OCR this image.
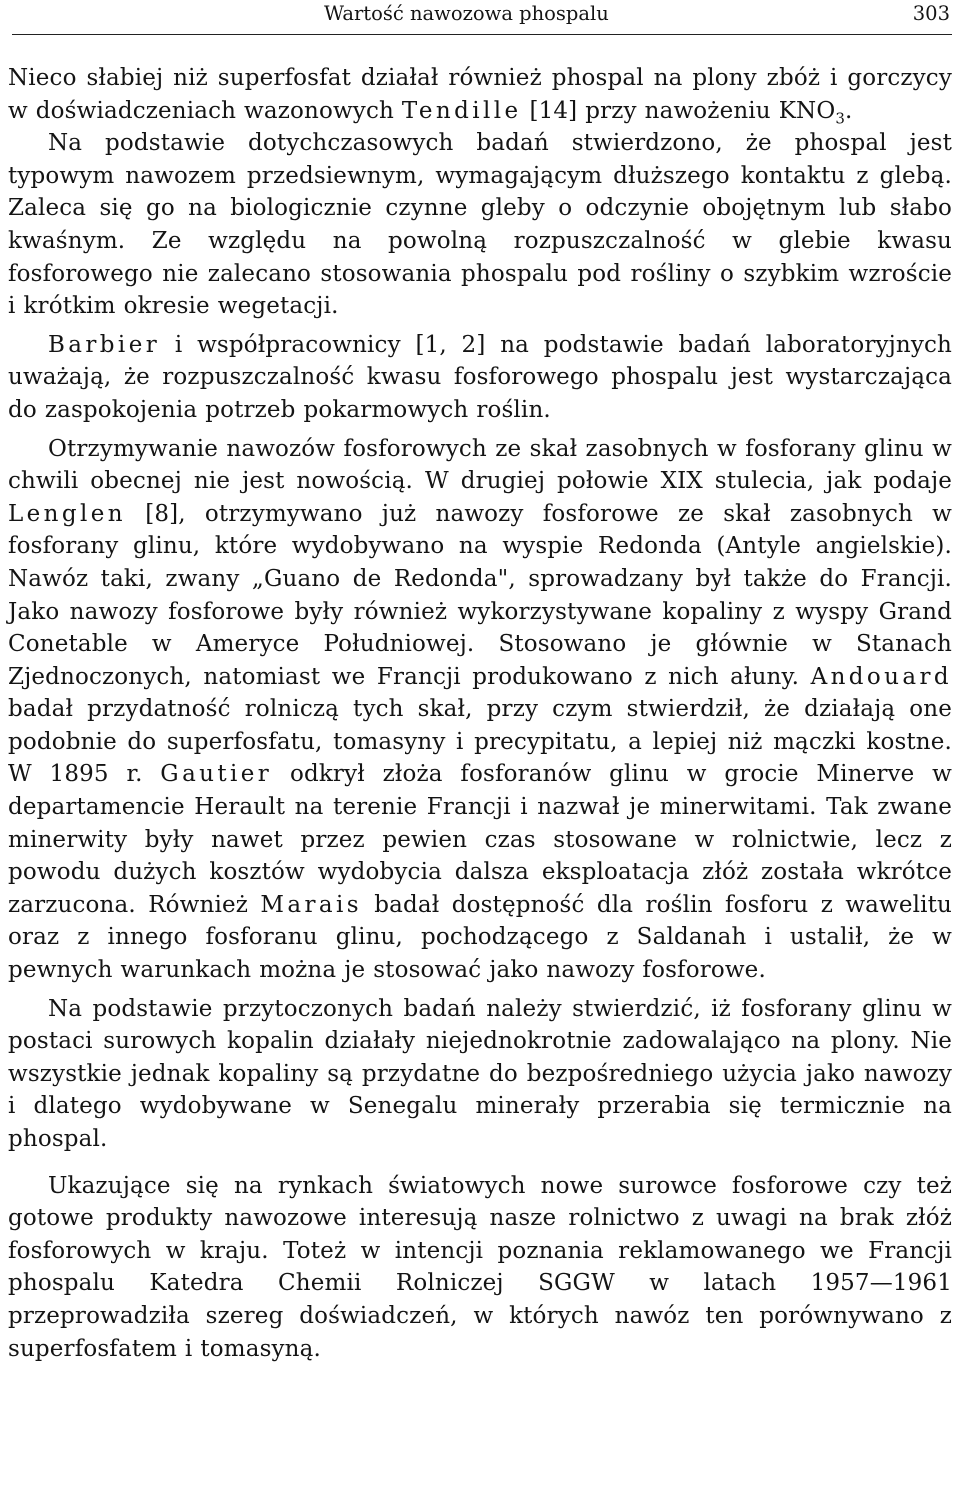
Wartość nawozowa phospalu	303

Nieco słabiej niż superfosfat działał również phospal na plony zbóż i gorczycy w doświadczeniach wazonowych Tendille [14] przy nawożeniu $KNO_3$.

Na podstawie dotychczasowych badań stwierdzono, że phospal jest typowym nawozem przedsiewnym, wymagającym dłuższego kontaktu z glebą. Zaleca się go na biologicznie czynne gleby o odczynie obojętnym lub słabo kwaśnym. Ze względu na powolną rozpuszczalność w glebie kwasu fosforowego nie zalecano stosowania phospalu pod rośliny o szybkim wzroście i krótkim okresie wegetacji.

Barbier i współpracownicy [1, 2] na podstawie badań laboratoryjnych uważają, że rozpuszczalność kwasu fosforowego phospalu jest wystarczająca do zaspokojenia potrzeb pokarmowych roślin.

Otrzymywanie nawozów fosforowych ze skał zasobnych w fosforany glinu w chwili obecnej nie jest nowością. W drugiej połowie XIX stulecia, jak podaje Lenglen [8], otrzymywano już nawozy fosforowe ze skał zasobnych w fosforany glinu, które wydobywano na wyspie Redonda (Antyle angielskie). Nawóz taki, zwany „Guano de Redonda", sprowadzany był także do Francji. Jako nawozy fosforowe były również wykorzystywane kopaliny z wyspy Grand Conetable w Ameryce Południowej. Stosowano je głównie w Stanach Zjednoczonych, natomiast we Francji produkowano z nich ałuny. Andouard badał przydatność rolniczą tych skał, przy czym stwierdził, że działają one podobnie do superfosfatu, tomasyny i precypitatu, a lepiej niż mączki kostne. W 1895 r. Gautier odkrył złoża fosforanów glinu w grocie Minerve w departamencie Herault na terenie Francji i nazwał je minerwitami. Tak zwane minerwity były nawet przez pewien czas stosowane w rolnictwie, lecz z powodu dużych kosztów wydobycia dalsza eksploatacja złóż została wkrótce zarzucona. Również Marais badał dostępność dla roślin fosforu z wawelitu oraz z innego fosforanu glinu, pochodzącego z Saldanah i ustalił, że w pewnych warunkach można je stosować jako nawozy fosforowe.

Na podstawie przytoczonych badań należy stwierdzić, iż fosforany glinu w postaci surowych kopalin działały niejednokrotnie zadowalająco na plony. Nie wszystkie jednak kopaliny są przydatne do bezpośredniego użycia jako nawozy i dlatego wydobywane w Senegalu minerały przerabia się termicznie na phospal.

Ukazujące się na rynkach światowych nowe surowce fosforowe czy też gotowe produkty nawozowe interesują nasze rolnictwo z uwagi na brak złóż fosforowych w kraju. Toteż w intencji poznania reklamowanego we Francji phospalu Katedra Chemii Rolniczej SGGW w latach 1957—1961 przeprowadziła szereg doświadczeń, w których nawóz ten porównywano z superfosfatem i tomasyną.
